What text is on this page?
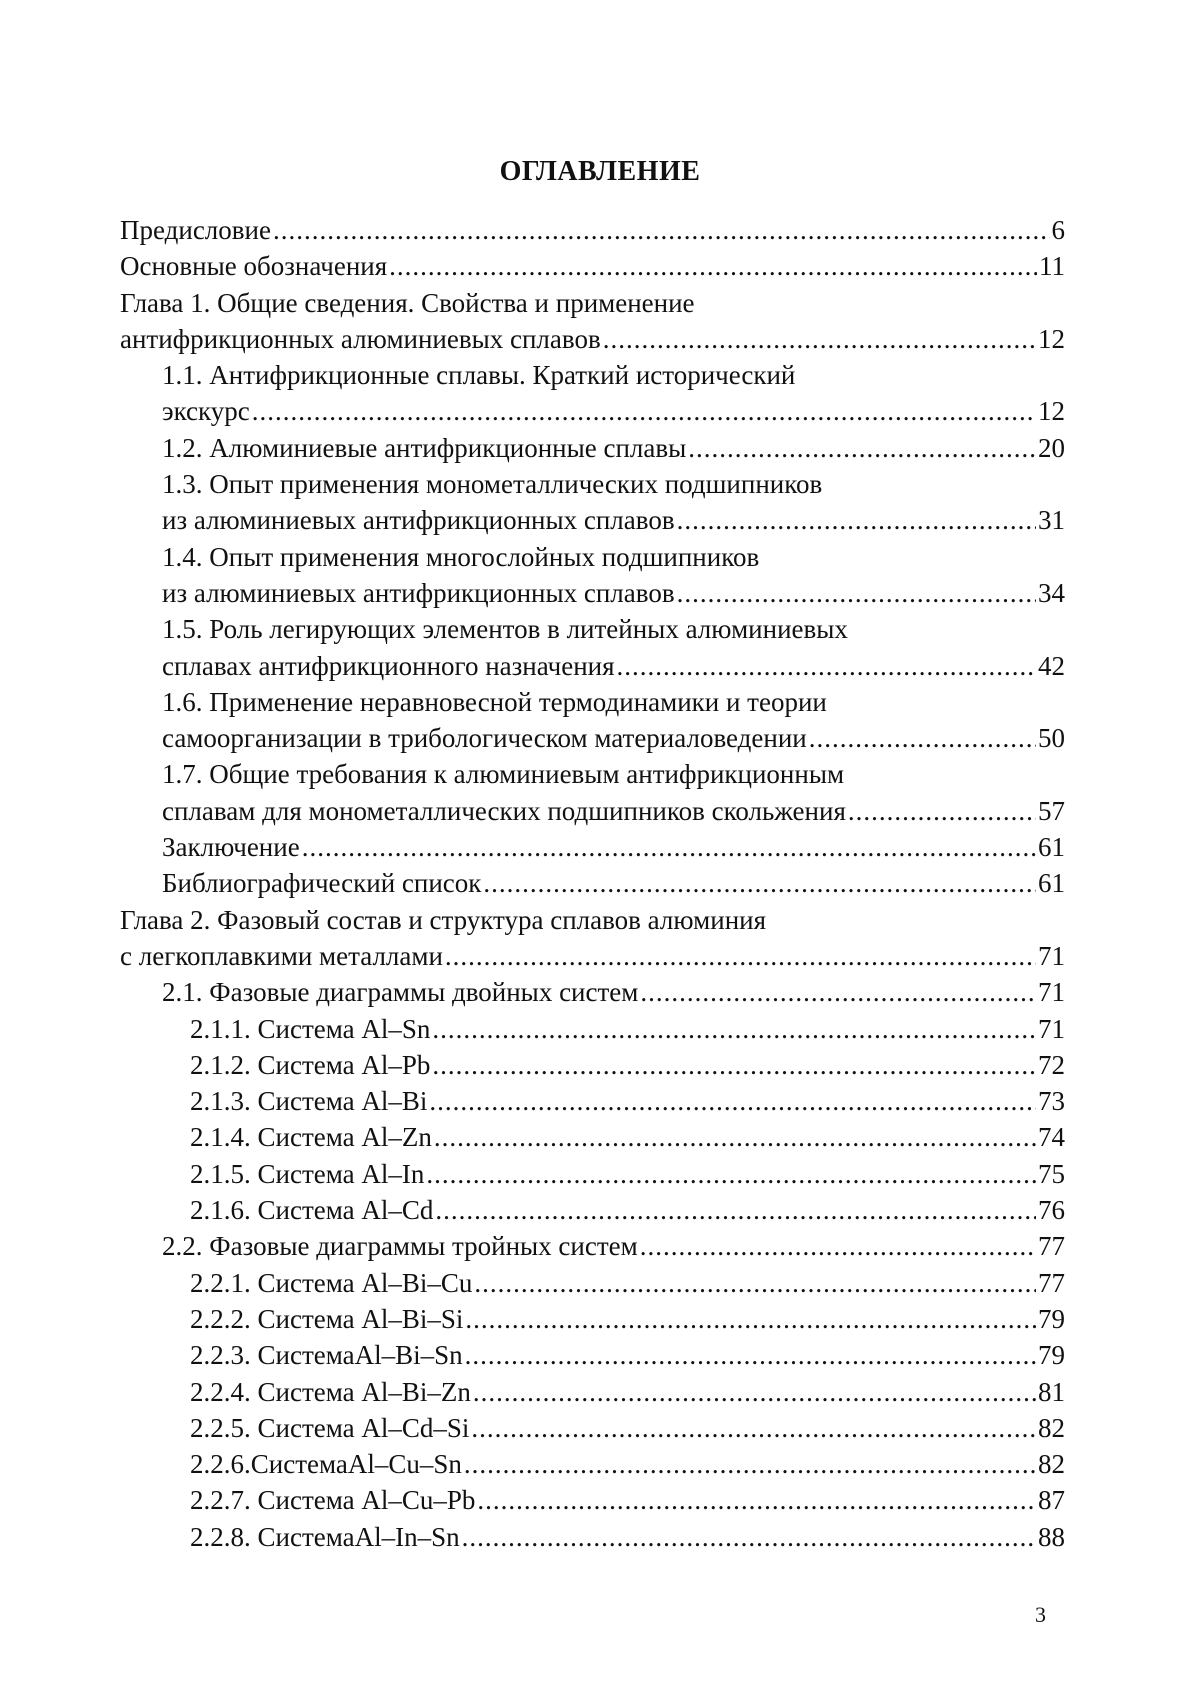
ОГЛАВЛЕНИЕ
Предисловие .....	6
Основные обозначения .....	11
Глава 1. Общие сведения. Свойства и применение
антифрикционных алюминиевых сплавов .....	12
1.1. Антифрикционные сплавы. Краткий исторический
экскурс .....	12
1.2. Алюминиевые антифрикционные сплавы .....	20
1.3. Опыт применения монометаллических подшипников
из алюминиевых антифрикционных сплавов .....	31
1.4. Опыт применения многослойных подшипников
из алюминиевых антифрикционных сплавов .....	34
1.5. Роль легирующих элементов в литейных алюминиевых
сплавах антифрикционного назначения .....	42
1.6. Применение неравновесной термодинамики и теории
самоорганизации в трибологическом материаловедении .....	50
1.7. Общие требования к алюминиевым антифрикционным
сплавам для монометаллических подшипников скольжения .....	57
Заключение .....	61
Библиографический список .....	61
Глава 2. Фазовый состав и структура сплавов алюминия
с легкоплавкими металлами .....	71
2.1. Фазовые диаграммы двойных систем .....	71
2.1.1. Система Al–Sn .....	71
2.1.2. Система Al–Pb .....	72
2.1.3. Система Al–Bi .....	73
2.1.4. Система Al–Zn .....	74
2.1.5. Система Al–In .....	75
2.1.6. Система Al–Cd .....	76
2.2. Фазовые диаграммы тройных систем .....	77
2.2.1. Система Al–Bi–Cu .....	77
2.2.2. Система Al–Bi–Si .....	79
2.2.3. СистемаAl–Bi–Sn .....	79
2.2.4. Система Al–Bi–Zn .....	81
2.2.5. Система Al–Cd–Si .....	82
2.2.6.СистемаAl–Cu–Sn .....	82
2.2.7. Система Al–Cu–Pb .....	87
2.2.8. СистемаAl–In–Sn .....	88
3
